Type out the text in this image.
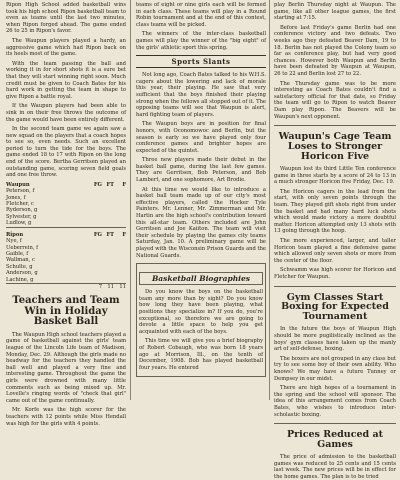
Ripon High School added basketball wins took his high school Ripon basketball team to even as teams until the last two minutes, when Ripon forged ahead. The game ended 26 to 25 in Ripon's favor.

The Waupun players played a hardy, an aggressive game which had Ripon back on its heels most of the game.

With the team passing the ball and working it in for short shots it is a sure bet that they will start winning right soon. Much credit must be given to Coach Bates for his hard work in getting the team in shape to give Ripon a battle royal.

If the Waupun players had been able to sink in on their free throws the outcome of the game would have been entirely different.

In the second team game we again saw a new squad on the players that a coach hopes to see so, even needs. Such an excellent period to turn the tide for the boys. The game ended 18 to 17 with Ripon on the long end of the score. Bertha Gerritsen played an outstanding game, scoring seven field goals and one free throw.

Waupun	FG	FT	F
Peterson, f			
Jones, f			
Fletcher, c			
Ryderson, g			
Sylvester, g			
Ludlow, g			

Ripon	FG	FT	F
Nye, f			
Ueberrein, f			
Gaible, f			
Wallman, c			
Schulte, g			
Anderson, g			
Lachine, g			
	7	11	11
Teachers and Team Win in Holiday Basket Ball

The Waupun High school teachers played a game of basketball against the girls' team league of the Lincoln Life team of Madison, Monday, Dec. 29. Although the girls made no headway for the teachers they handled the ball well and played a very fine and interesting game. Throughout the game the girls were drowned with many little comments such as being mixed up. Mr. Lovelle's ringing words of "check that girl" came out of the game continually.

Mr. Korfe was the high scorer for the teachers with 12 points while Miss Hendall was high for the girls with 4 points.

teams of eight or nine girls each will be formed in each class. These teams will play in a Round Robin tournament and at the end of this contest, class teams will be picked.

The winners of the inter-class basketball games will play the winner of the "big eight" of the girls' athletic sport this spring.

Sports Slants

Not long ago, Coach Bates talked to his W.H.S. cagers about the lowering and lack of morale this year, their playing. He saw that very sufficient that the boys finished their playing strong when the fellows all stopped out of it. The opposing teams will see that Waupun is alert, hard fighting team of players.

The Waupun boys are in position for final honors, with Oconomowoc and Berlin, but the season is early so we have played only four conference games and brighter hopes are expected of the quintet.

Three new players made their debut in the basket ball game, during the last few games. They are Gerritsen, Bob Peterson, and Bob Lambert, and one sophomore, Art Brodie.

At this time we would like to introduce a basket ball team made up of our city's most effective players, called the Hocker Tyle Painters. Mr. Lenner, Mr. Zimmerman and Mr. Hartin are the high school's contribution toward this all-star team. Others included are John Gerritsen and Joe Kaiiton. The team will visit their schedule by playing the games city teams Saturday, Jan. 10. A preliminary game will be played with the Wisconsin Prison Guards and the National Guards.

Basketball Biographies

Do you know the boys on the basketball team any more than by sight? Do you know how long they have been playing, what positions they specialize in? If you do, you're exceptional, so therefore we are going to devote a little space to help you get acquainted with each of the boys.

This time we will give you a brief biography of Robert Cobaugh, who was born 18 years ago at Morrison, Ill., on the tenth of December, 1908. Bob has played basketball four years. He entered

play Berlin Thursday night at Waupun. The game, like all other league games, the first starting at 7:15.

Before last Friday's game Berlin had one conference victory and two defeats. Two weeks ago they defeated Beaver Dam, 19 to 18. Berlin has not played the Colony team so far as conference play, but had very good chances. However both Waupun and Berlin have been defeated by Waupun at Waupun, 26 to 22 and Berlin lost 27 to 22.

The Thursday game was to be more interesting as Coach Bates couldn't find a satisfactory official for that date, so Friday the team will go to Ripon to watch Beaver Dam play Ripon. The Beavers will be Waupun's next opponent.

Waupun's Cage Team Loses to Stronger Horicon Five

Waupun lost its third Little Ten conference game in three starts by a score of 24 to 13 in a much stronger Horicon five Friday, Dec. 19.

The Horicon cagers in the lead from the start, with only seven points through the team. They played gift shots right from under the basket and had many hard luck shots which would made victory a more doubtful matter. Horicon attempted only 13 shots with 13 going through the hoop.

The more experienced, larger, and taller Horicon team played a fine defensive game which allowed only seven shots or more from the center of the floor.

Schwamm was high scorer for Horicon and Fletcher for Waupun.

Gym Classes Start Boxing for Expected Tournament

In the future the boys of Waupun High should be more pugilistically inclined as the boys' gym classes have taken up the manly art of self-defense, boxing.

The boxers are not grouped in any class but try to see some boy of their own ability. Who knows? We may have a future Tunney or Dempsey in our midst.

There are high hopes of a tournament in the spring and the school will sponsor. The idea of this arrangement comes from Coach Bates, who wishes to introduce inter-scholastic boxing.

Prices Reduced at Games

The price of admission to the basketball games was reduced to 25 cents and 15 cents last week. The new prices will be in effect for the home games. The plan is to be tried
